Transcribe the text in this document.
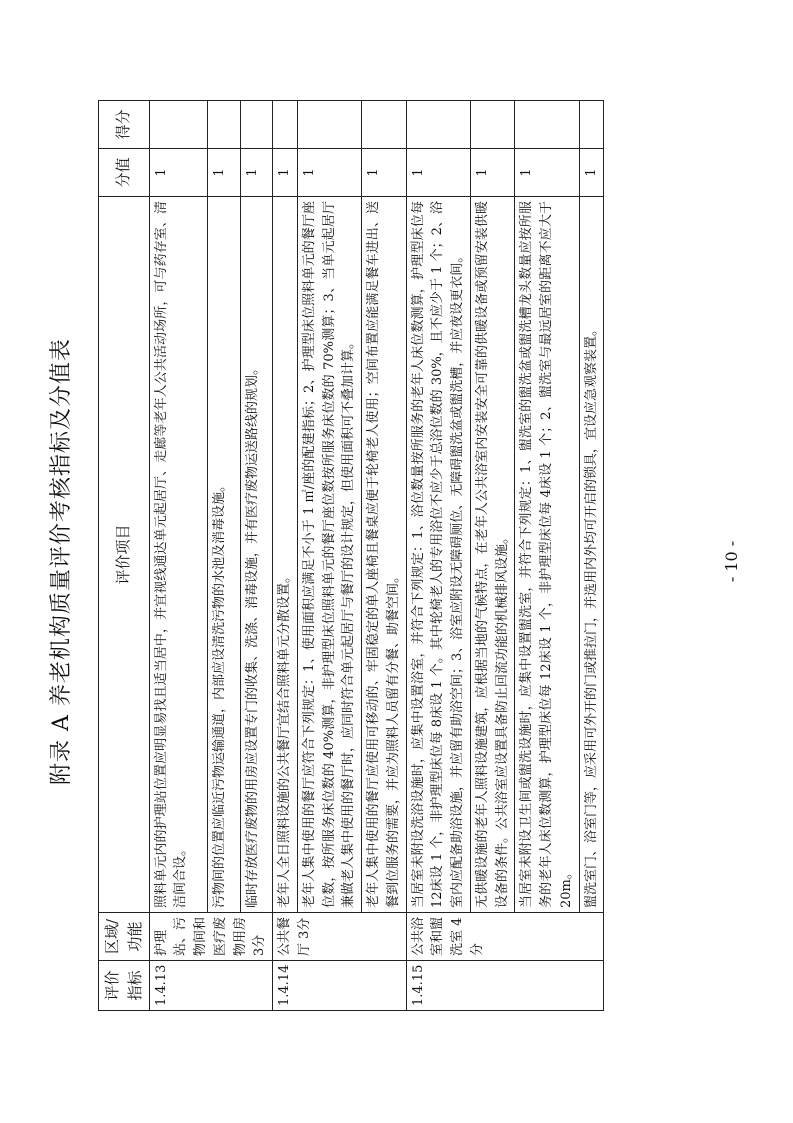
附录 A 养老机构质量评价考核指标及分值表
评价指标	区域/功能	评价项目	分值	得分
1.4.13	护理站、污物间和医疗废物用房 3分	照料单元内的护理站位置应明显易找且适当居中，并宜视线通达单元起居厅、走廊等老年人公共活动场所，可与药存室、清洁间合设。	1	
		污物间的位置应临近污物运输通道，内部应设清洗污物的水池及消毒设施。	1	
		临时存放医疗废物的用房应设置专门的收集、洗涤、消毒设施，并有医疗废物运送路线的规划。	1	
1.4.14	公共餐厅 3分	老年人全日照料设施的公共餐厅宜结合照料单元分散设置。	1	
		老年人集中使用的餐厅应符合下列规定：1、使用面积应满足不小于 1 ㎡/座的配建指标；2、护理型床位照料单元的餐厅座位数，按所服务床位数的 40%测算，非护理型床位照料单元的餐厅座位数按所服务床位数的 70%测算；3、当单元起居厅兼做老人集中使用的餐厅时，应同时符合单元起居厅与餐厅的设计规定，但使用面积可不叠加计算。	1	
		老年人集中使用的餐厅应使用可移动的、牢固稳定的单人座椅且餐桌应便于轮椅老人使用；空间布置应能满足餐车进出、送餐到位服务的需要，并应为照料人员留有分餐、助餐空间。	1	
1.4.15	公共浴室和盥洗室 4分	当居室未附设洗浴设施时，应集中设置浴室，并符合下列规定：1、浴位数量按所服务的老年人床位数测算，护理型床位每 12床设 1 个，非护理型床位每 8床设 1 个。其中轮椅老人的专用浴位不应少于总浴位数的 30%，且不应少于 1 个；2、浴室内应配备助浴设施，并应留有助浴空间；3、浴室应附设无障碍厕位、无障碍盥洗盆或盥洗槽，并应夜设更衣间。	1	
		无供暖设施的老年人照料设施建筑，应根据当地的气候特点，在老年人公共浴室内安装安全可靠的供暖设备或预留安装供暖设备的条件。公共浴室应设置具备防止回流功能的机械排风设施。	1	
		当居室未附设卫生间或盥洗设施时，应集中设置盥洗室，并符合下列规定：1、盥洗室的盥洗盆或盥洗槽龙头数量应按所服务的老年人床位数测算，护理型床位每 12床设 1 个，非护理型床位每 4床设 1 个；2、盥洗室与最远居室的距离不应大于 20m。	1	
		盥洗室门、浴室门等，应采用可外开的门或推拉门，并选用内外均可开启的锁具，宜设应急观察装置。	1	
- 10 -
